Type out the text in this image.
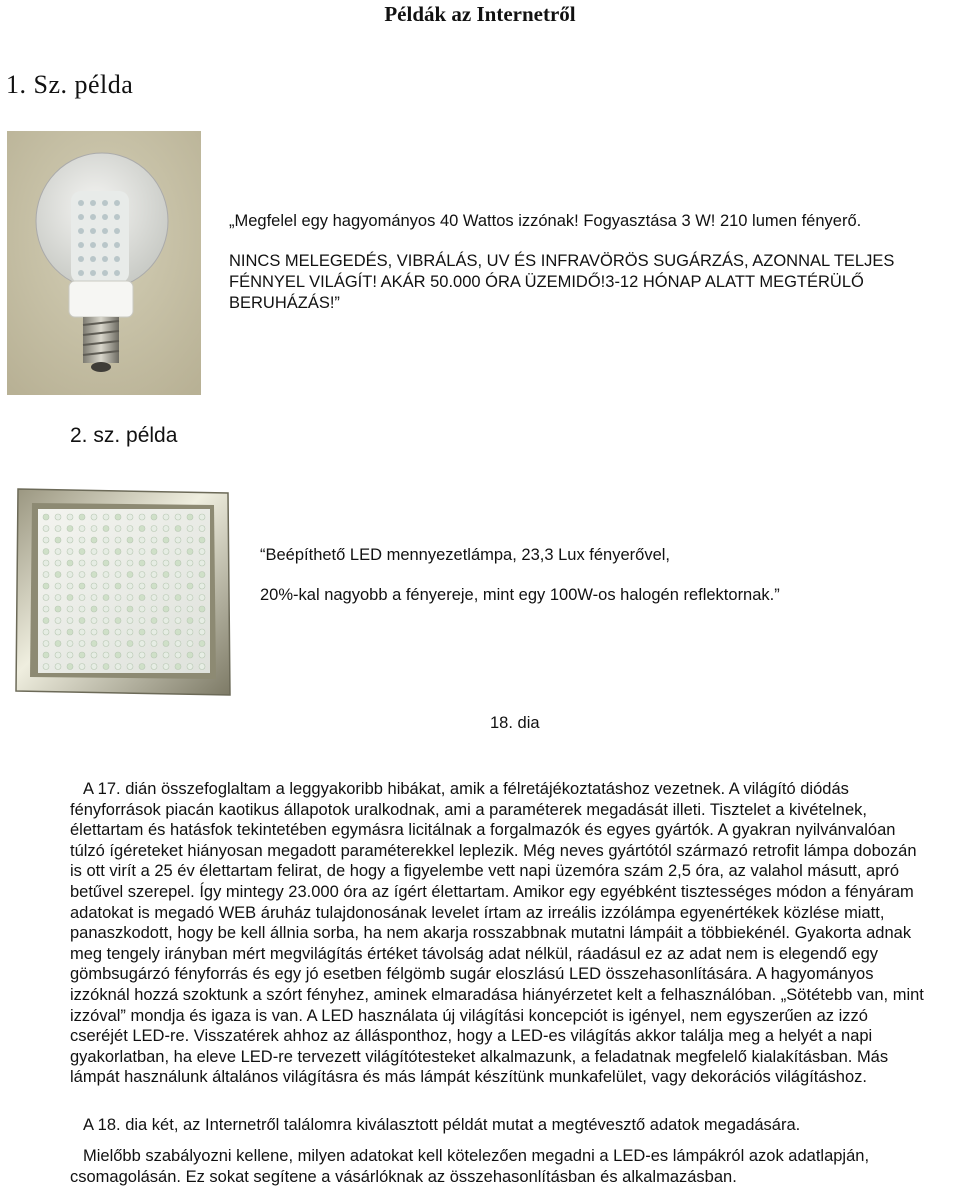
Példák az Internetről
1. Sz. példa
„Megfelel egy hagyományos 40 Wattos izzónak! Fogyasztása 3 W! 210 lumen fényerő.
NINCS MELEGEDÉS, VIBRÁLÁS, UV ÉS INFRAVÖRÖS SUGÁRZÁS, AZONNAL TELJES FÉNNYEL VILÁGÍT! AKÁR 50.000 ÓRA ÜZEMIDŐ!3-12 HÓNAP ALATT MEGTÉRÜLŐ BERUHÁZÁS!”
2. sz. példa
“Beépíthető LED mennyezetlámpa, 23,3 Lux fényerővel,
20%-kal nagyobb a fényereje, mint egy 100W-os halogén reflektornak.”
18. dia
A 17. dián összefoglaltam a leggyakoribb hibákat, amik a félretájékoztatáshoz vezetnek. A világító diódás fényforrások piacán kaotikus állapotok uralkodnak, ami a paraméterek megadását illeti. Tisztelet a kivételnek, élettartam és hatásfok tekintetében egymásra licitálnak a forgalmazók és egyes gyártók. A gyakran nyilvánvalóan túlzó ígéreteket hiányosan megadott paraméterekkel leplezik. Még neves gyártótól származó retrofit lámpa dobozán is ott virít a 25 év élettartam felirat, de hogy a figyelembe vett napi üzemóra szám 2,5 óra, az valahol másutt, apró betűvel szerepel. Így mintegy 23.000 óra az ígért élettartam. Amikor egy egyébként tisztességes módon a fényáram adatokat is megadó WEB áruház tulajdonosának levelet írtam az irreális izzólámpa egyenértékek közlése miatt, panaszkodott, hogy be kell állnia sorba, ha nem akarja rosszabbnak mutatni lámpáit a többiekénél. Gyakorta adnak meg tengely irányban mért megvilágítás értéket távolság adat nélkül, ráadásul ez az adat nem is elegendő egy gömbsugárzó fényforrás és egy jó esetben félgömb sugár eloszlású LED összehasonlítására. A hagyományos izzóknál hozzá szoktunk a szórt fényhez, aminek elmaradása hiányérzetet kelt a felhasználóban. „Sötétebb van, mint izzóval” mondja és igaza is van. A LED használata új világítási koncepciót is igényel, nem egyszerűen az izzó cseréjét LED-re. Visszatérek ahhoz az állásponthoz, hogy a LED-es világítás akkor találja meg a helyét a napi gyakorlatban, ha eleve LED-re tervezett világítótesteket alkalmazunk, a feladatnak megfelelő kialakításban. Más lámpát használunk általános világításra és más lámpát készítünk munkafelület, vagy dekorációs világításhoz.
A 18. dia két, az Internetről találomra kiválasztott példát mutat a megtévesztő adatok megadására.
Mielőbb szabályozni kellene, milyen adatokat kell kötelezően megadni a LED-es lámpákról azok adatlapján, csomagolásán. Ez sokat segítene a vásárlóknak az összehasonlításban és alkalmazásban.
